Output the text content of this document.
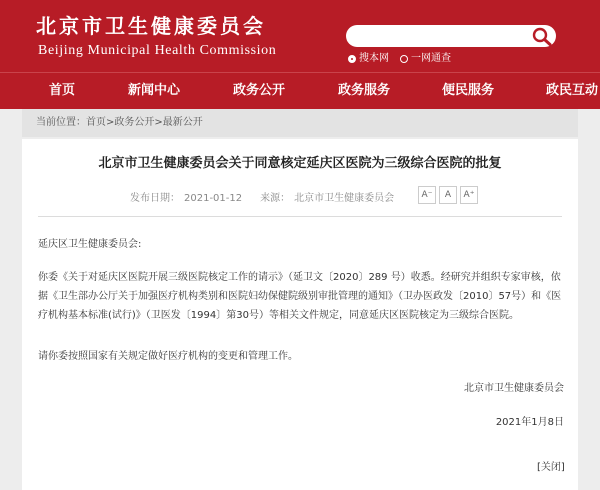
北京市卫生健康委员会
Beijing Municipal Health Commission
搜本网 一网通查
首页	新闻中心	政务公开	政务服务	便民服务	政民互动
当前位置：首页>政务公开>最新公开
北京市卫生健康委员会关于同意核定延庆区医院为三级综合医院的批复
发布日期： 2021-01-12 来源： 北京市卫生健康委员会	A⁻	A	A⁺
延庆区卫生健康委员会:
你委《关于对延庆区医院开展三级医院核定工作的请示》（延卫文〔2020〕289 号）收悉。经研究并组织专家审核，依据《卫生部办公厅关于加强医疗机构类别和医院妇幼保健院级别审批管理的通知》（卫办医政发〔2010〕57号）和《医疗机构基本标准(试行)》（卫医发〔1994〕第30号）等相关文件规定，同意延庆区医院核定为三级综合医院。
请你委按照国家有关规定做好医疗机构的变更和管理工作。
北京市卫生健康委员会
2021年1月8日
[关闭]
